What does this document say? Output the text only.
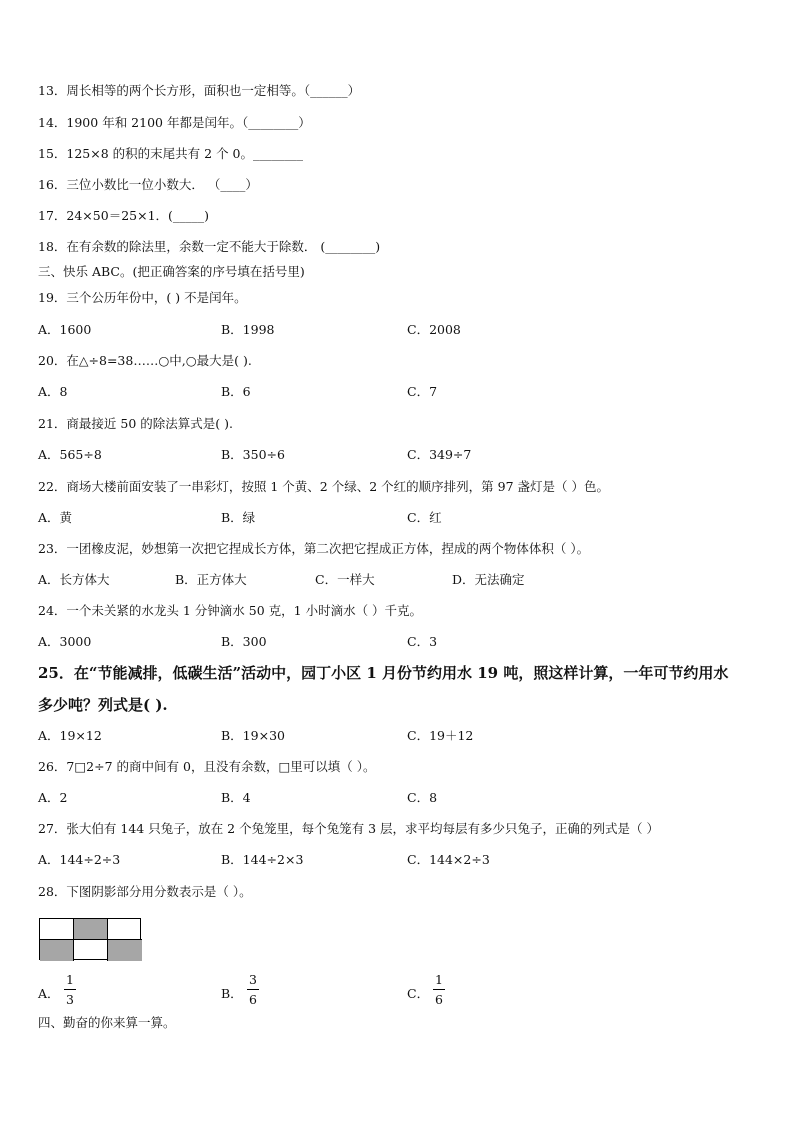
13．周长相等的两个长方形，面积也一定相等。（______）
14．1900 年和 2100 年都是闰年。（________）
15．125×8 的积的末尾共有 2 个 0。________
16．三位小数比一位小数大． （____）
17．24×50＝25×1．(_____)
18．在有余数的除法里，余数一定不能大于除数． (________)
三、快乐 ABC。(把正确答案的序号填在括号里)
19．三个公历年份中，( ) 不是闰年。
A．1600	B．1998	C．2008
20．在△÷8=38……○中,○最大是( ).
A．8	B．6	C．7
21．商最接近 50 的除法算式是( ).
A．565÷8	B．350÷6	C．349÷7
22．商场大楼前面安装了一串彩灯，按照 1 个黄、2 个绿、2 个红的顺序排列，第 97 盏灯是（ ）色。
A．黄	B．绿	C．红
23．一团橡皮泥，妙想第一次把它捏成长方体，第二次把它捏成正方体，捏成的两个物体体积（ ）。
A．长方体大	B．正方体大	C．一样大	D．无法确定
24．一个未关紧的水龙头 1 分钟滴水 50 克，1 小时滴水（ ）千克。
A．3000	B．300	C．3
25．在“节能减排，低碳生活”活动中，园丁小区 1 月份节约用水 19 吨，照这样计算，一年可节约用水
多少吨？列式是( ).
A．19×12	B．19×30	C．19＋12
26．7□2÷7 的商中间有 0，且没有余数，□里可以填（ ）。
A．2	B．4	C．8
27．张大伯有 144 只兔子，放在 2 个兔笼里，每个兔笼有 3 层，求平均每层有多少只兔子，正确的列式是（ ）
A．144÷2÷3	B．144÷2×3	C．144×2÷3
28．下图阴影部分用分数表示是（ ）。
A． $\frac{1}{3}$	B． $\frac{3}{6}$	C． $\frac{1}{6}$
四、勤奋的你来算一算。
